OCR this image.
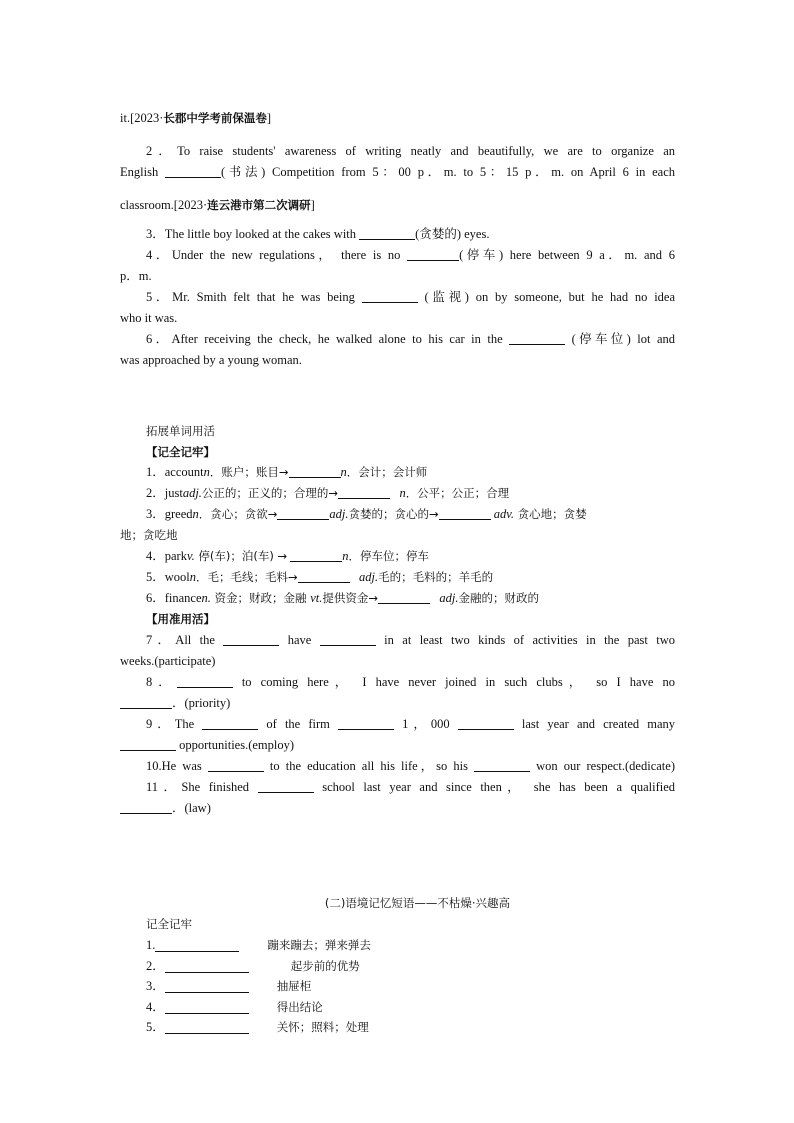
it.[2023·长郡中学考前保温卷]
2．To raise students' awareness of writing neatly and beautifully, we are to organize an
English	(书法) Competition from 5：00 p．m. to 5：15 p．m. on April 6 in each
classroom.[2023·连云港市第二次调研]
3．The little boy looked at the cakes with	(贪婪的) eyes.
4．Under the new regulations， there is no	(停车) here between 9 a．m. and 6
p．m.
5．Mr. Smith felt that he was being	(监视) on by someone, but he had no idea
who it was.
6．After receiving the check, he walked alone to his car in the	(停车位) lot and
was approached by a young woman.
拓展单词用活
【记全记牢】
1．accountn．账户；账目→	n．会计；会计师
2．justadj.公正的；正义的；合理的→	n．公平；公正；合理
3．greedn．贪心；贪欲→	adj.贪婪的；贪心的→	adv. 贪心地；贪婪
地；贪吃地
4．parkv. 停(车)；泊(车) →	n．停车位；停车
5．wooln．毛；毛线；毛料→	adj.毛的；毛料的；羊毛的
6．financen. 资金；财政；金融 vt.提供资金→	adj.金融的；财政的
【用准用活】
7．All the	have	in at least two kinds of activities in the past two
weeks.(participate)
8．	to coming here， I have never joined in such clubs， so I have no
．(priority)
9．The	of the firm	1，000	last year and created many
opportunities.(employ)
10.He was	to the education all his life，so his	won our respect.(dedicate)
11．She finished	school last year and since then， she has been a qualified
．(law)
(二)语境记忆短语——不枯燥·兴趣高
记全记牢
1.	蹦来蹦去；弹来弹去
2．	起步前的优势
3．	抽屉柜
4．	得出结论
5．	关怀；照料；处理
